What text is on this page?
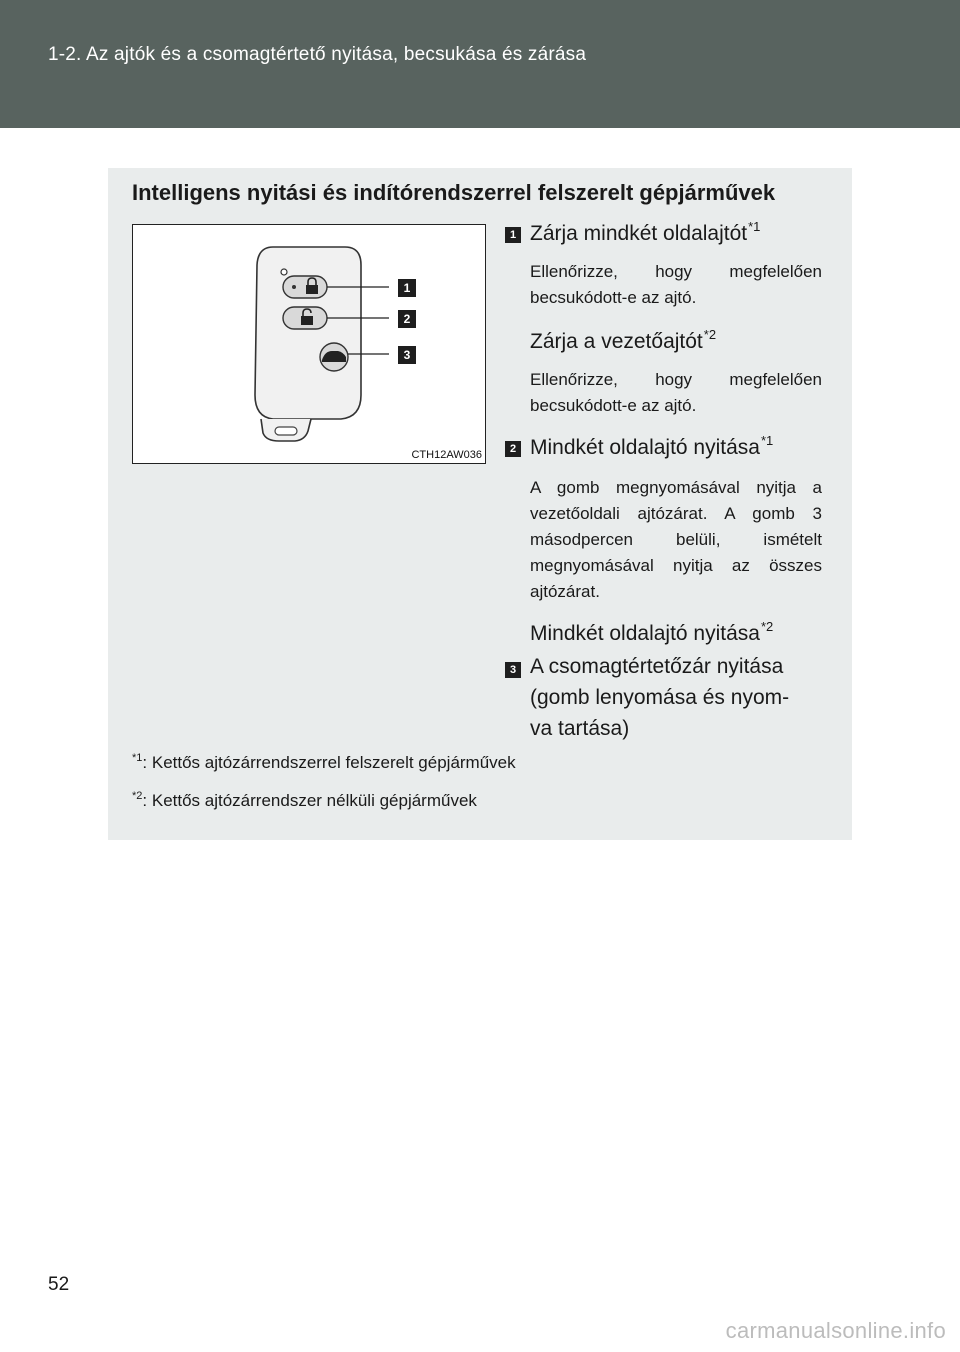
1-2. Az ajtók és a csomagtértető nyitása, becsukása és zárása
Intelligens nyitási és indítórendszerrel felszerelt gépjárművek
1
2
3
CTH12AW036
1 Zárja mindkét oldalajtót$^{*1}$
Ellenőrizze, hogy megfelelően becsukódott-e az ajtó.
Zárja a vezetőajtót$^{*2}$
Ellenőrizze, hogy megfelelően becsukódott-e az ajtó.
2 Mindkét oldalajtó nyitása$^{*1}$
A gomb megnyomásával nyitja a vezetőoldali ajtózárat. A gomb 3 másodpercen belüli, ismételt megnyomásával nyitja az összes ajtózárat.
Mindkét oldalajtó nyitása$^{*2}$
3 A csomagtértetőzár nyitása
(gomb lenyomása és nyom-
va tartása)
$^{*1}$: Kettős ajtózárrendszerrel felszerelt gépjárművek
$^{*2}$: Kettős ajtózárrendszer nélküli gépjárművek
52
carmanualsonline.info
